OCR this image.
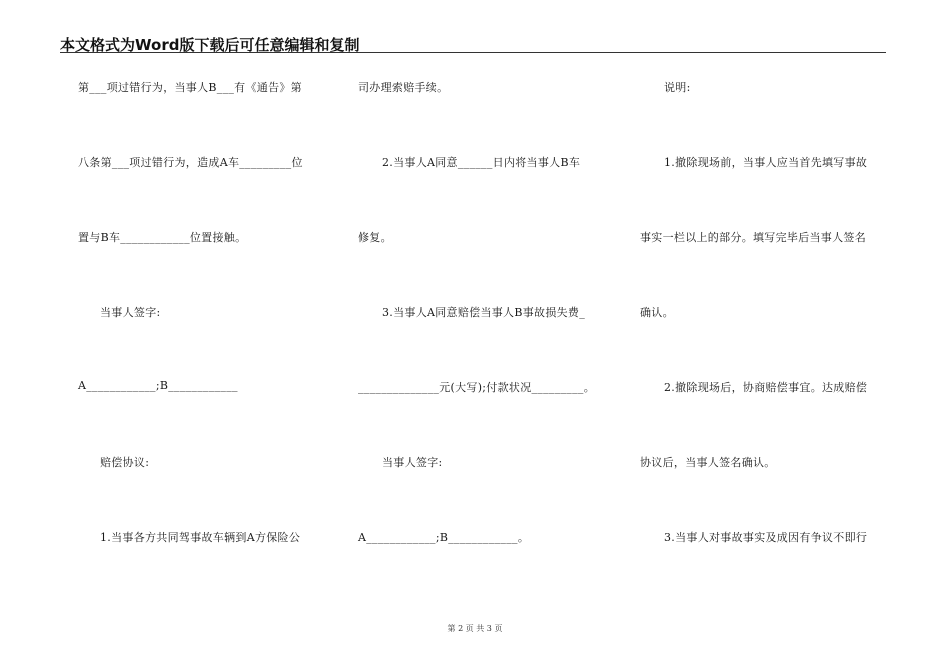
本文格式为Word版下载后可任意编辑和复制
第___项过错行为，当事人B___有《通告》第
八条第___项过错行为，造成A车_________位
置与B车____________位置接触。
当事人签字:
A____________;B____________
赔偿协议:
1.当事各方共同驾事故车辆到A方保险公
司办理索赔手续。
2.当事人A同意______日内将当事人B车
修复。
3.当事人A同意赔偿当事人B事故损失费_
______________元(大写);付款状况_________。
当事人签字:
A____________;B____________。
说明:
1.撤除现场前，当事人应当首先填写事故
事实一栏以上的部分。填写完毕后当事人签名
确认。
2.撤除现场后，协商赔偿事宜。达成赔偿
协议后，当事人签名确认。
3.当事人对事故事实及成因有争议不即行
第 2 页 共 3 页
